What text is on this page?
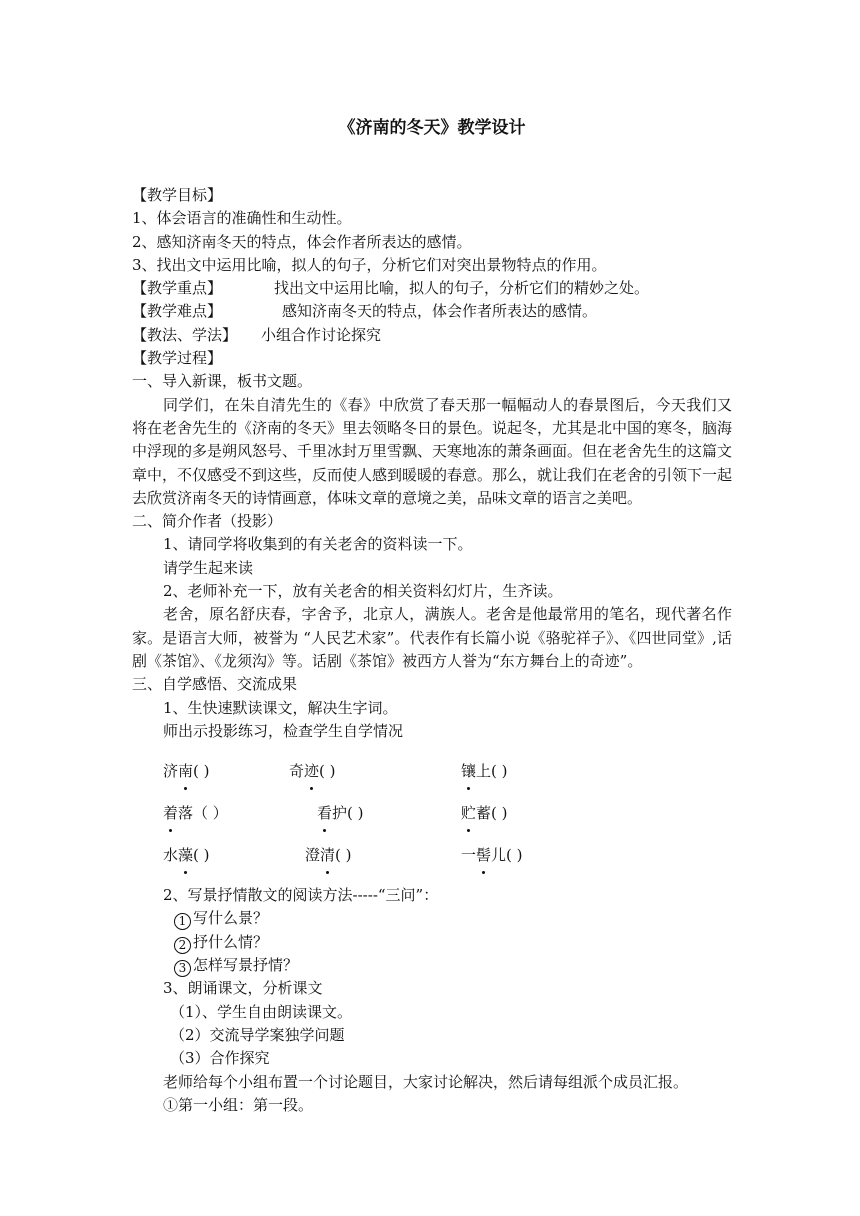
《济南的冬天》教学设计

【教学目标】

1、体会语言的准确性和生动性。

2、感知济南冬天的特点，体会作者所表达的感情。

3、找出文中运用比喻，拟人的句子，分析它们对突出景物特点的作用。

【教学重点】	找出文中运用比喻，拟人的句子，分析它们的精妙之处。

【教学难点】	感知济南冬天的特点，体会作者所表达的感情。

【教法、学法】 小组合作讨论探究

【教学过程】

一、导入新课，板书文题。

同学们，在朱自清先生的《春》中欣赏了春天那一幅幅动人的春景图后，今天我们又将在老舍先生的《济南的冬天》里去领略冬日的景色。说起冬，尤其是北中国的寒冬，脑海中浮现的多是朔风怒号、千里冰封万里雪飘、天寒地冻的萧条画面。但在老舍先生的这篇文章中，不仅感受不到这些，反而使人感到暖暖的春意。那么，就让我们在老舍的引领下一起去欣赏济南冬天的诗情画意，体味文章的意境之美，品味文章的语言之美吧。

二、简介作者（投影）

1、请同学将收集到的有关老舍的资料读一下。

请学生起来读

2、老师补充一下，放有关老舍的相关资料幻灯片，生齐读。

老舍，原名舒庆春，字舍予，北京人，满族人。老舍是他最常用的笔名，现代著名作家。是语言大师，被誉为 “人民艺术家”。代表作有长篇小说《骆驼祥子》、《四世同堂》,话剧《茶馆》、《龙须沟》等。话剧《茶馆》被西方人誉为“东方舞台上的奇迹”。

三、自学感悟、交流成果

1、生快速默读课文，解决生字词。

师出示投影练习，检查学生自学情况

济南( )	奇迹( )	镶上( )

着落（ ）	看护( )	贮蓄( )

水藻( )	澄清( )	一髻儿( )

2、写景抒情散文的阅读方法-----“三问”：

1 写什么景？

2 抒什么情？

3 怎样写景抒情？

3、朗诵课文，分析课文

（1）、学生自由朗读课文。

（2）交流导学案独学问题

（3）合作探究

老师给每个小组布置一个讨论题目，大家讨论解决，然后请每组派个成员汇报。

①第一小组：第一段。
